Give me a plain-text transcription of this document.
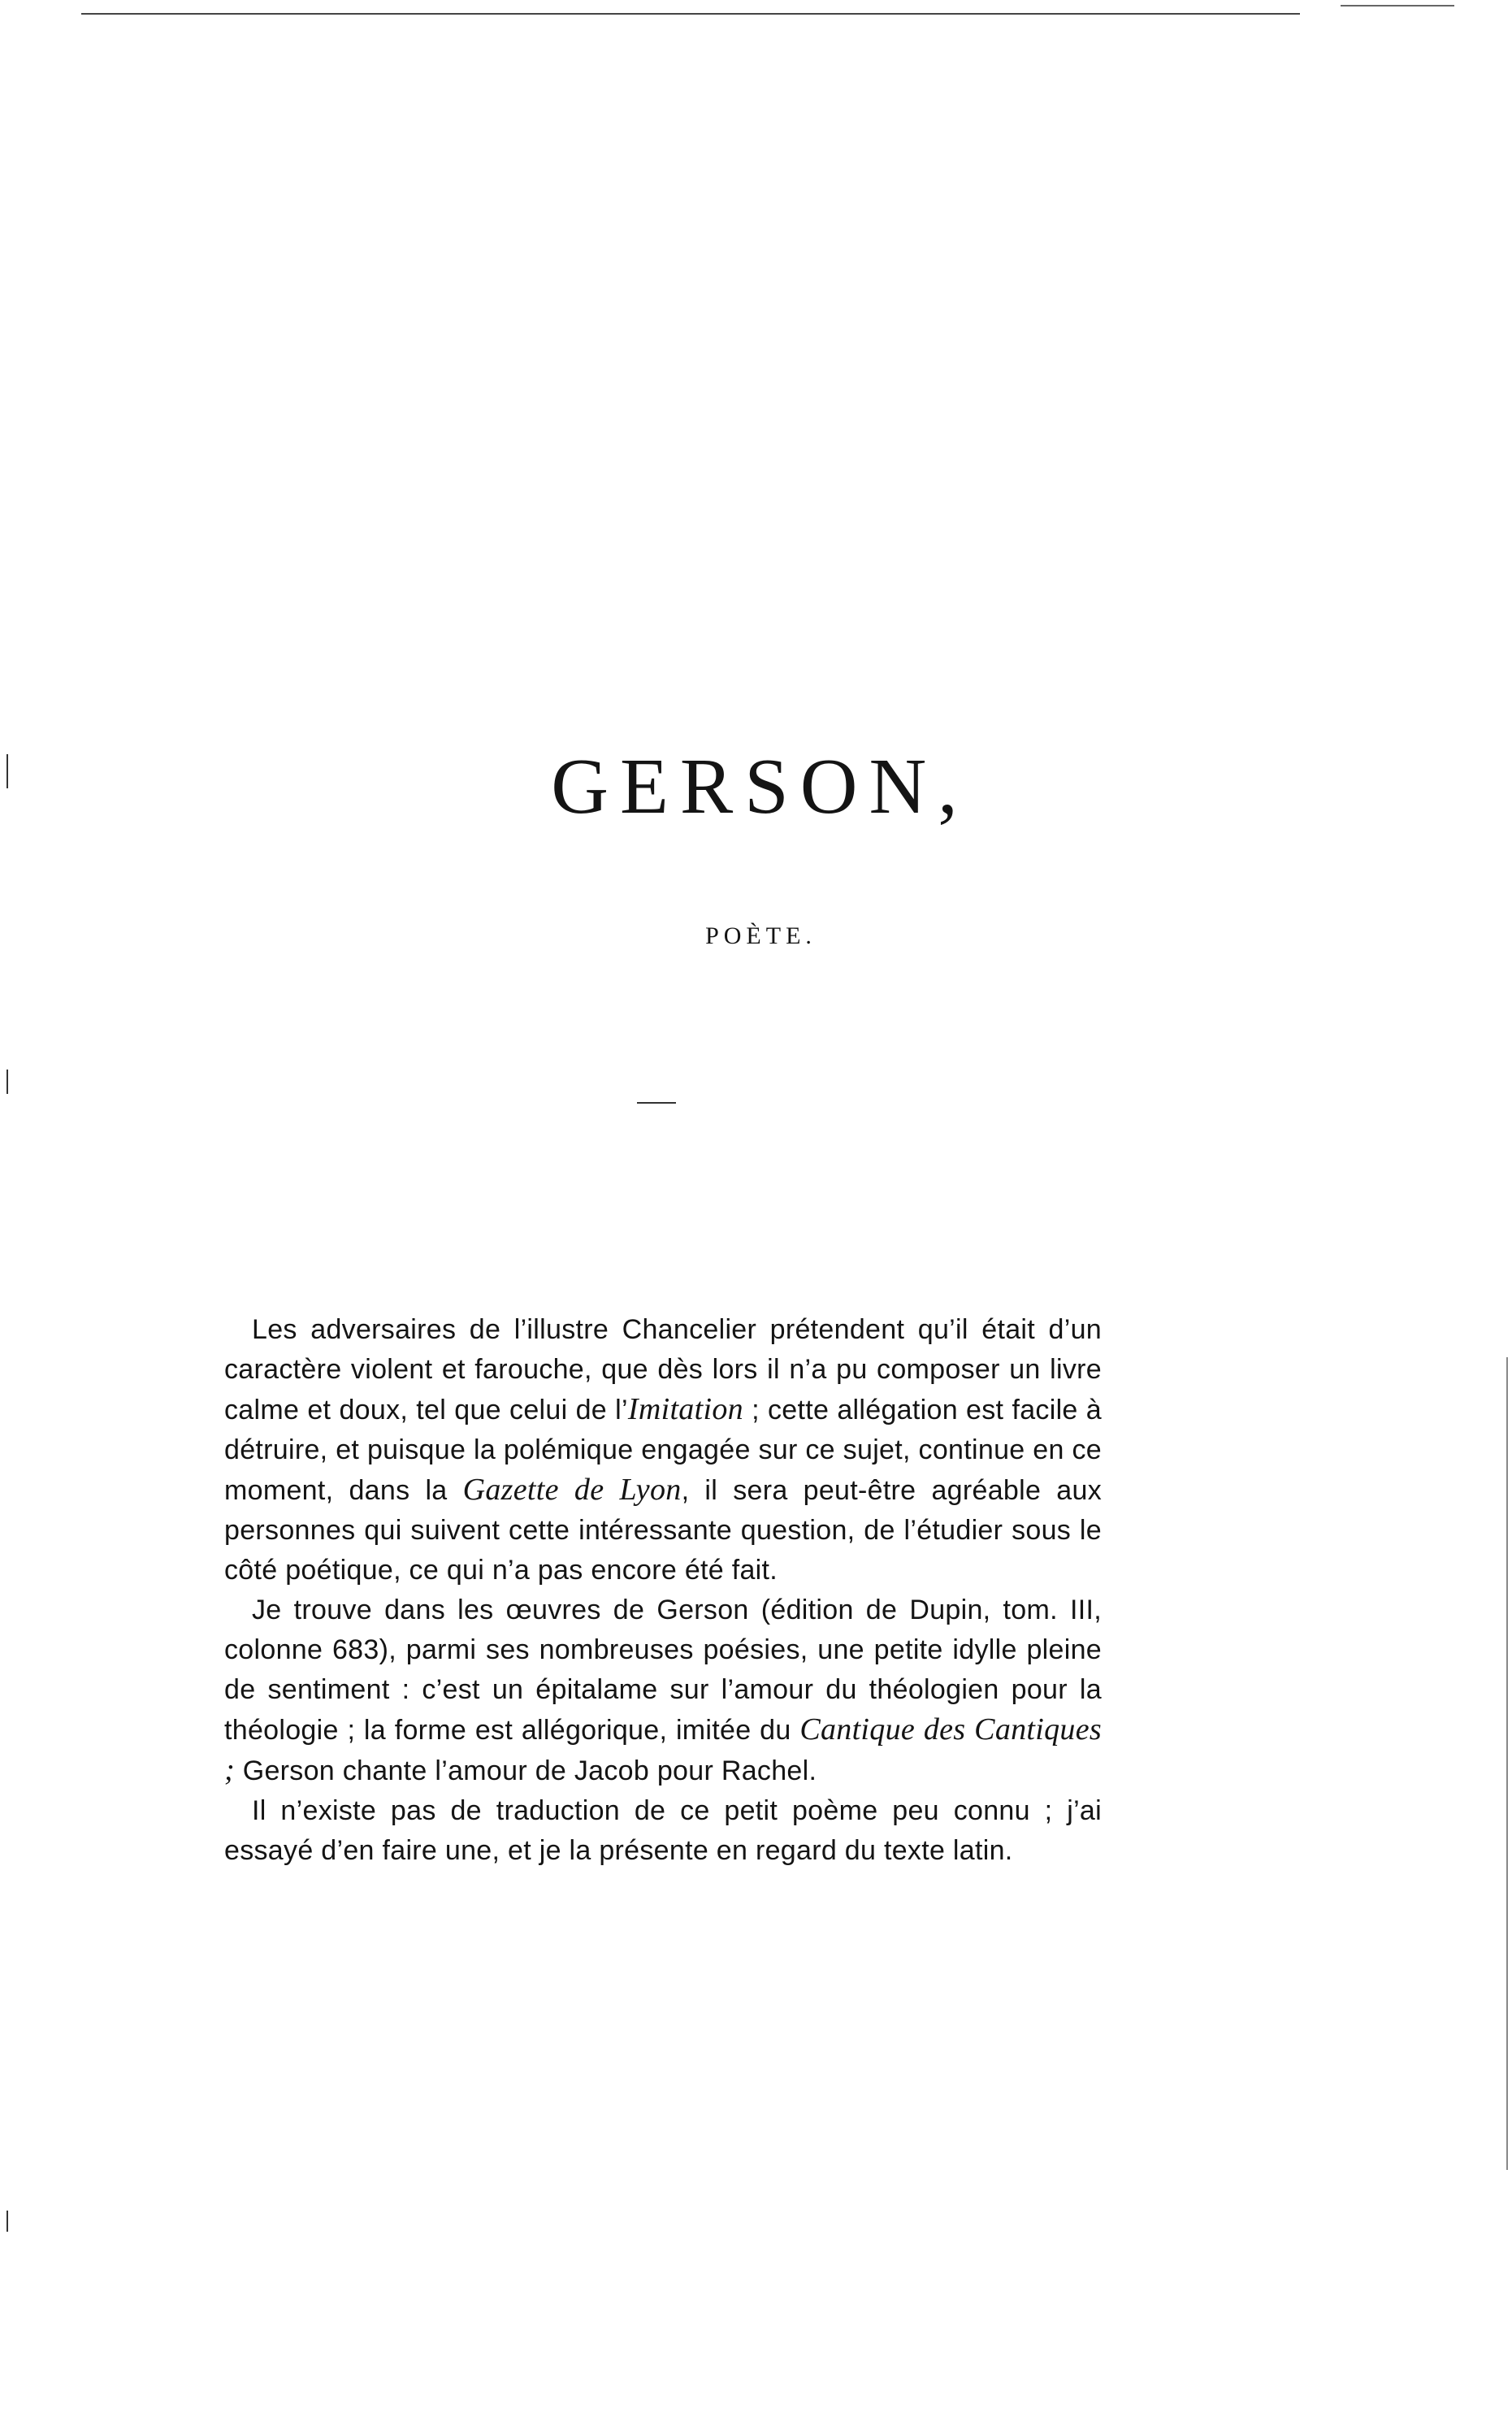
GERSON,
POÈTE.

Les adversaires de l’illustre Chancelier prétendent qu’il était d’un caractère violent et farouche, que dès lors il n’a pu composer un livre calme et doux, tel que celui de l’Imitation ; cette allégation est facile à détruire, et puisque la polémique engagée sur ce sujet, continue en ce moment, dans la Gazette de Lyon, il sera peut-être agréable aux personnes qui suivent cette intéressante question, de l’étudier sous le côté poétique, ce qui n’a pas encore été fait.

Je trouve dans les œuvres de Gerson (édition de Dupin, tom. III, colonne 683), parmi ses nombreuses poésies, une petite idylle pleine de sentiment : c’est un épitalame sur l’amour du théologien pour la théologie ; la forme est allégorique, imitée du Cantique des Cantiques ; Gerson chante l’amour de Jacob pour Rachel.

Il n’existe pas de traduction de ce petit poème peu connu ; j’ai essayé d’en faire une, et je la présente en regard du texte latin.
